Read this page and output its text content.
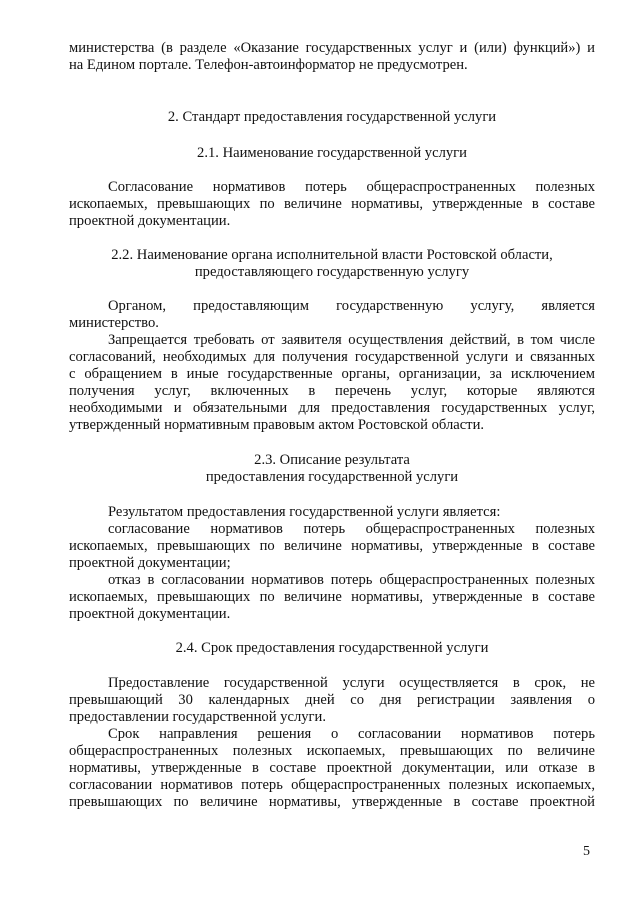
министерства (в разделе «Оказание государственных услуг и (или) функций») и
на Едином портале. Телефон-автоинформатор не предусмотрен.
2. Стандарт предоставления государственной услуги
2.1. Наименование государственной услуги
Согласование нормативов потерь общераспространенных полезных
ископаемых, превышающих по величине нормативы, утвержденные в составе
проектной документации.
2.2. Наименование органа исполнительной власти Ростовской области,
предоставляющего государственную услугу
Органом, предоставляющим государственную услугу, является
министерство.
Запрещается требовать от заявителя осуществления действий, в том числе
согласований, необходимых для получения государственной услуги и связанных
с обращением в иные государственные органы, организации, за исключением
получения услуг, включенных в перечень услуг, которые являются
необходимыми и обязательными для предоставления государственных услуг,
утвержденный нормативным правовым актом Ростовской области.
2.3. Описание результата
предоставления государственной услуги
Результатом предоставления государственной услуги является:
согласование нормативов потерь общераспространенных полезных
ископаемых, превышающих по величине нормативы, утвержденные в составе
проектной документации;
отказ в согласовании нормативов потерь общераспространенных полезных
ископаемых, превышающих по величине нормативы, утвержденные в составе
проектной документации.
2.4. Срок предоставления государственной услуги
Предоставление государственной услуги осуществляется в срок, не
превышающий 30 календарных дней со дня регистрации заявления о
предоставлении государственной услуги.
Срок направления решения о согласовании нормативов потерь
общераспространенных полезных ископаемых, превышающих по величине
нормативы, утвержденные в составе проектной документации, или отказе в
согласовании нормативов потерь общераспространенных полезных ископаемых,
превышающих по величине нормативы, утвержденные в составе проектной
5
